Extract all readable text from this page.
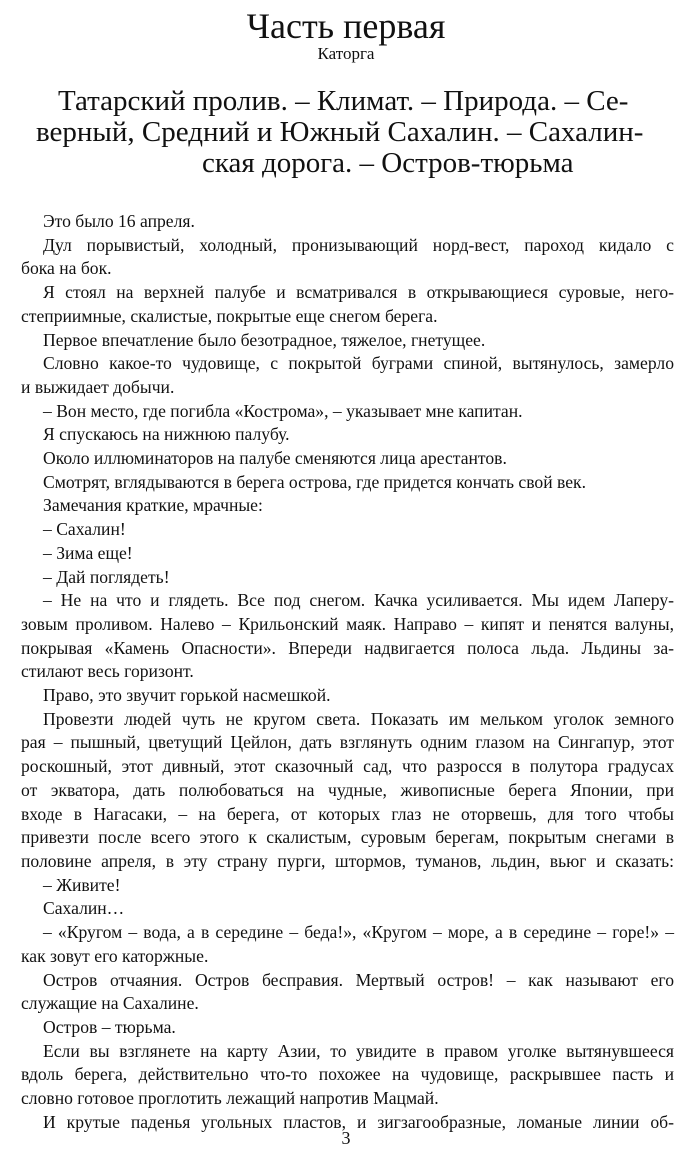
Часть первая
Каторга
Татарский пролив. – Климат. – Природа. – Се-
верный, Средний и Южный Сахалин. – Сахалин-
ская дорога. – Остров-тюрьма
Это было 16 апреля.
Дул порывистый, холодный, пронизывающий норд-вест, пароход кидало с
бока на бок.
Я стоял на верхней палубе и всматривался в открывающиеся суровые, него-
степриимные, скалистые, покрытые еще снегом берега.
Первое впечатление было безотрадное, тяжелое, гнетущее.
Словно какое-то чудовище, с покрытой буграми спиной, вытянулось, замерло
и выжидает добычи.
– Вон место, где погибла «Кострома», – указывает мне капитан.
Я спускаюсь на нижнюю палубу.
Около иллюминаторов на палубе сменяются лица арестантов.
Смотрят, вглядываются в берега острова, где придется кончать свой век.
Замечания краткие, мрачные:
– Сахалин!
– Зима еще!
– Дай поглядеть!
– Не на что и глядеть. Все под снегом. Качка усиливается. Мы идем Лаперу-
зовым проливом. Налево – Крильонский маяк. Направо – кипят и пенятся валуны,
покрывая «Камень Опасности». Впереди надвигается полоса льда. Льдины за-
стилают весь горизонт.
Право, это звучит горькой насмешкой.
Провезти людей чуть не кругом света. Показать им мельком уголок земного
рая – пышный, цветущий Цейлон, дать взглянуть одним глазом на Сингапур, этот
роскошный, этот дивный, этот сказочный сад, что разросся в полутора градусах
от экватора, дать полюбоваться на чудные, живописные берега Японии, при
входе в Нагасаки, – на берега, от которых глаз не оторвешь, для того чтобы
привезти после всего этого к скалистым, суровым берегам, покрытым снегами в
половине апреля, в эту страну пурги, штормов, туманов, льдин, вьюг и сказать:
– Живите!
Сахалин…
– «Кругом – вода, а в середине – беда!», «Кругом – море, а в середине – горе!» –
как зовут его каторжные.
Остров отчаяния. Остров бесправия. Мертвый остров! – как называют его
служащие на Сахалине.
Остров – тюрьма.
Если вы взглянете на карту Азии, то увидите в правом уголке вытянувшееся
вдоль берега, действительно что-то похожее на чудовище, раскрывшее пасть и
словно готовое проглотить лежащий напротив Мацмай.
И крутые паденья угольных пластов, и зигзагообразные, ломаные линии об-
3
